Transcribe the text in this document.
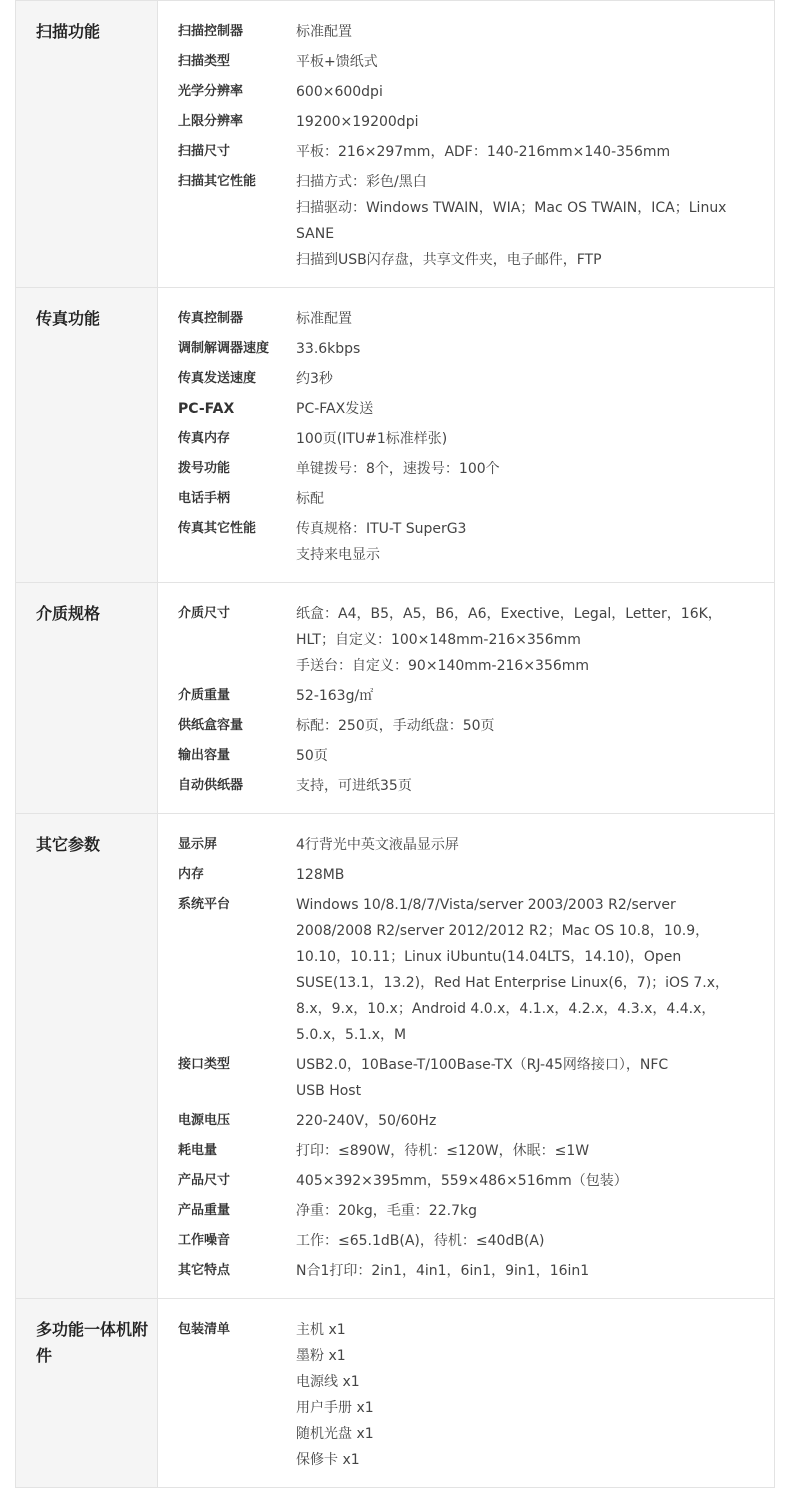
扫描功能	扫描控制器	标准配置
扫描类型	平板+馈纸式
光学分辨率	600×600dpi
上限分辨率	19200×19200dpi
扫描尺寸	平板：216×297mm，ADF：140-216mm×140-356mm
扫描其它性能	扫描方式：彩色/黑白
扫描驱动：Windows TWAIN，WIA；Mac OS TWAIN，ICA；Linux SANE
扫描到USB闪存盘，共享文件夹，电子邮件，FTP
传真功能	传真控制器	标准配置
调制解调器速度	33.6kbps
传真发送速度	约3秒
PC-FAX	PC-FAX发送
传真内存	100页(ITU#1标准样张)
拨号功能	单键拨号：8个，速拨号：100个
电话手柄	标配
传真其它性能	传真规格：ITU-T SuperG3
支持来电显示
介质规格	介质尺寸	纸盒：A4，B5，A5，B6，A6，Exective，Legal，Letter，16K，HLT；自定义：100×148mm-216×356mm
手送台：自定义：90×140mm-216×356mm
介质重量	52-163g/㎡
供纸盒容量	标配：250页，手动纸盘：50页
输出容量	50页
自动供纸器	支持，可进纸35页
其它参数	显示屏	4行背光中英文液晶显示屏
内存	128MB
系统平台	Windows 10/8.1/8/7/Vista/server 2003/2003 R2/server 2008/2008 R2/server 2012/2012 R2；Mac OS 10.8，10.9，10.10，10.11；Linux iUbuntu(14.04LTS，14.10)，Open SUSE(13.1，13.2)，Red Hat Enterprise Linux(6，7)；iOS 7.x，8.x，9.x，10.x；Android 4.0.x，4.1.x，4.2.x，4.3.x，4.4.x，5.0.x，5.1.x，M
接口类型	USB2.0，10Base-T/100Base-TX（RJ-45网络接口），NFC
USB Host
电源电压	220-240V，50/60Hz
耗电量	打印：≤890W，待机：≤120W，休眠：≤1W
产品尺寸	405×392×395mm，559×486×516mm（包装）
产品重量	净重：20kg，毛重：22.7kg
工作噪音	工作：≤65.1dB(A)，待机：≤40dB(A)
其它特点	N合1打印：2in1，4in1，6in1，9in1，16in1
多功能一体机附件
包装清单	主机 x1
墨粉 x1
电源线 x1
用户手册 x1
随机光盘 x1
保修卡 x1
